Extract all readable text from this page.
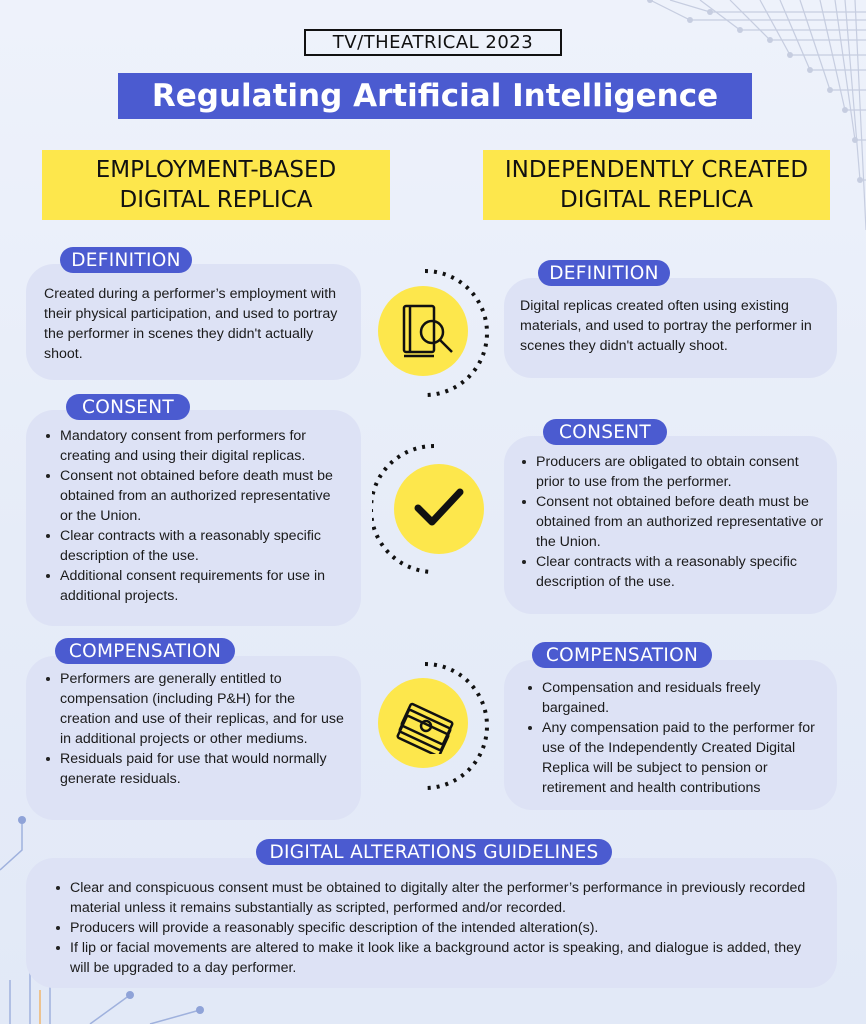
TV/THEATRICAL 2023
Regulating Artificial Intelligence
EMPLOYMENT-BASED
DIGITAL REPLICA
INDEPENDENTLY CREATED
DIGITAL REPLICA

Created during a performer’s employment with their physical participation, and used to portray the performer in scenes they didn't actually shoot.

DEFINITION
Mandatory consent from performers for creating and using their digital replicas.
Consent not obtained before death must be obtained from an authorized representative or the Union.
Clear contracts with a reasonably specific description of the use.
Additional consent requirements for use in additional projects.
CONSENT
Performers are generally entitled to compensation (including P&H) for the creation and use of their replicas, and for use in additional projects or other mediums.
Residuals paid for use that would normally generate residuals.
COMPENSATION

Digital replicas created often using existing materials, and used to portray the performer in scenes they didn't actually shoot.

DEFINITION
Producers are obligated to obtain consent prior to use from the performer.
Consent not obtained before death must be obtained from an authorized representative or the Union.
Clear contracts with a reasonably specific description of the use.
CONSENT
Compensation and residuals freely bargained.
Any compensation paid to the performer for use of the Independently Created Digital Replica will be subject to pension or retirement and health contributions
COMPENSATION
Clear and conspicuous consent must be obtained to digitally alter the performer’s performance in previously recorded material unless it remains substantially as scripted, performed and/or recorded.
Producers will provide a reasonably specific description of the intended alteration(s).
If lip or facial movements are altered to make it look like a background actor is speaking, and dialogue is added, they will be upgraded to a day performer.
DIGITAL ALTERATIONS GUIDELINES
